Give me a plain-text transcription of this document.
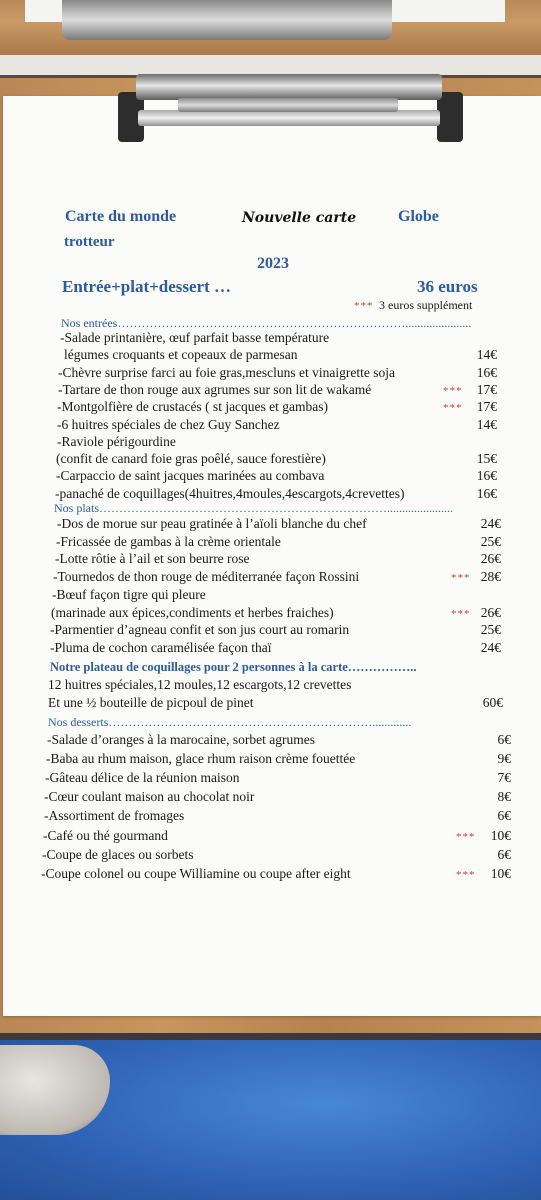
Carte du monde	Nouvelle carte	Globe
trotteur
2023
Entrée+plat+dessert …	36 euros
*** 3 euros supplément
Nos entrées………………………………………………………………......................
-Salade printanière, œuf parfait basse température
légumes croquants et copeaux de parmesan	14€
-Chèvre surprise farci au foie gras,mescluns et vinaigrette soja	16€
-Tartare de thon rouge aux agrumes sur son lit de wakamé	*** 17€
-Montgolfière de crustacés ( st jacques et gambas)	*** 17€
-6 huitres spéciales de chez Guy Sanchez	14€
-Raviole périgourdine
(confit de canard foie gras poêlé, sauce forestière)	15€
-Carpaccio de saint jacques marinées au combava	16€
-panaché de coquillages(4huitres,4moules,4escargots,4crevettes)	16€
Nos plats………………………………………………………………......................
-Dos de morue sur peau gratinée à l’aïoli blanche du chef	24€
-Fricassée de gambas à la crème orientale	25€
-Lotte rôtie à l’ail et son beurre rose	26€
-Tournedos de thon rouge de méditerranée façon Rossini	*** 28€
-Bœuf façon tigre qui pleure
(marinade aux épices,condiments et herbes fraiches)	*** 26€
-Parmentier d’agneau confit et son jus court au romarin	25€
-Pluma de cochon caramélisée façon thaï	24€
Notre plateau de coquillages pour 2 personnes à la carte……………..
12 huitres spéciales,12 moules,12 escargots,12 crevettes
Et une ½ bouteille de picpoul de pinet	60€
Nos desserts………………………………………………………….............
-Salade d’oranges à la marocaine, sorbet agrumes	6€
-Baba au rhum maison, glace rhum raison crème fouettée	9€
-Gâteau délice de la réunion maison	7€
-Cœur coulant maison au chocolat noir	8€
-Assortiment de fromages	6€
-Café ou thé gourmand	*** 10€
-Coupe de glaces ou sorbets	6€
-Coupe colonel ou coupe Williamine ou coupe after eight	*** 10€
